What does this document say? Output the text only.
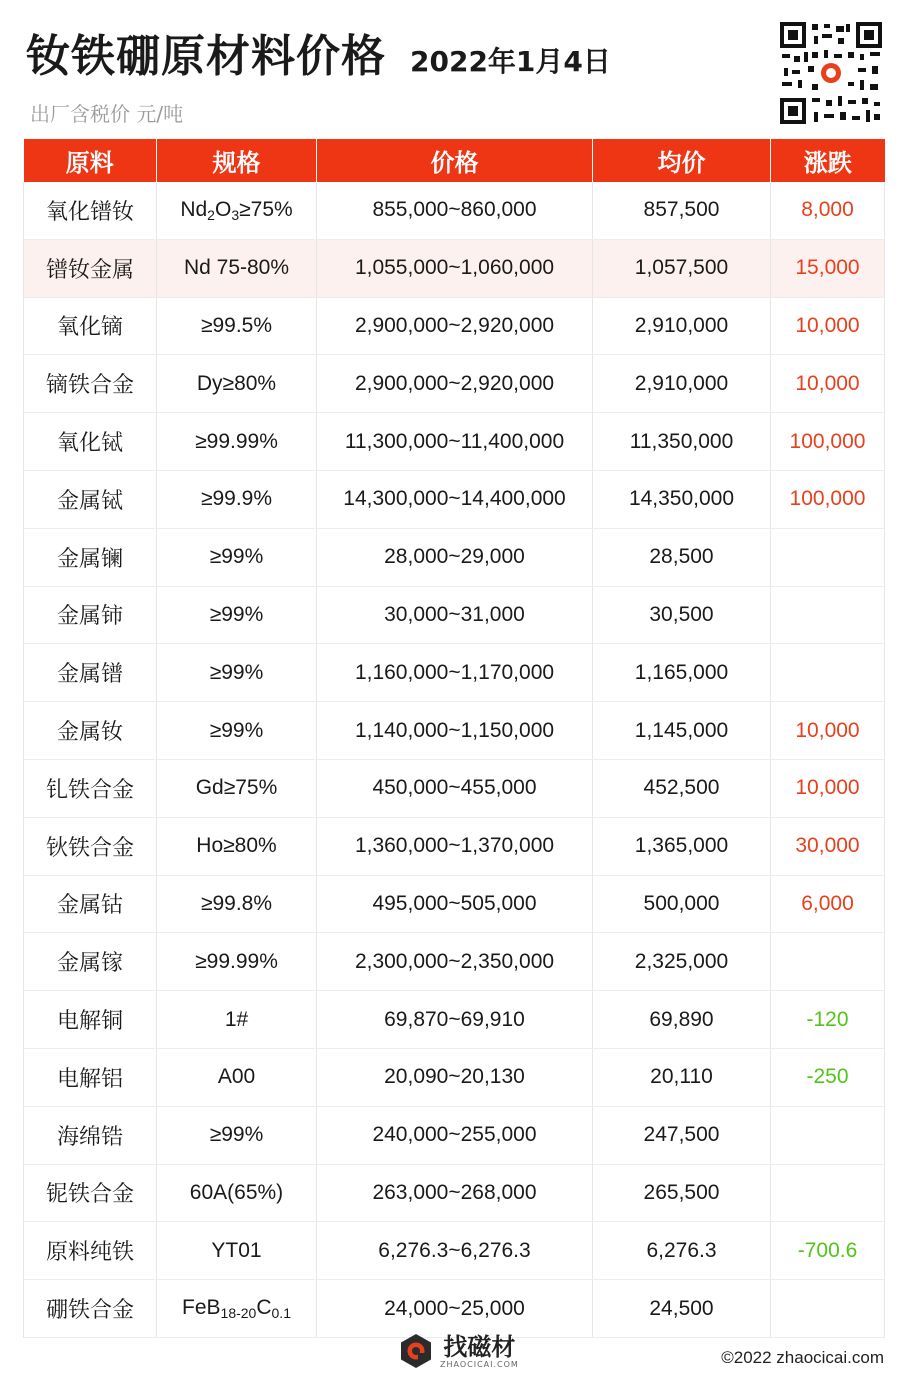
钕铁硼原材料价格 2022年1月4日
出厂含税价 元/吨
原料	规格	价格	均价	涨跌
氧化镨钕	$Nd_2O_3\ge 75\%$	855,000~860,000	857,500	8,000
镨钕金属	Nd 75-80%	1,055,000~1,060,000	1,057,500	15,000
氧化镝	≥99.5%	2,900,000~2,920,000	2,910,000	10,000
镝铁合金	Dy≥80%	2,900,000~2,920,000	2,910,000	10,000
氧化铽	≥99.99%	11,300,000~11,400,000	11,350,000	100,000
金属铽	≥99.9%	14,300,000~14,400,000	14,350,000	100,000
金属镧	≥99%	28,000~29,000	28,500	
金属铈	≥99%	30,000~31,000	30,500	
金属镨	≥99%	1,160,000~1,170,000	1,165,000	
金属钕	≥99%	1,140,000~1,150,000	1,145,000	10,000
钆铁合金	Gd≥75%	450,000~455,000	452,500	10,000
钬铁合金	Ho≥80%	1,360,000~1,370,000	1,365,000	30,000
金属钴	≥99.8%	495,000~505,000	500,000	6,000
金属镓	≥99.99%	2,300,000~2,350,000	2,325,000	
电解铜	1#	69,870~69,910	69,890	-120
电解铝	A00	20,090~20,130	20,110	-250
海绵锆	≥99%	240,000~255,000	247,500	
铌铁合金	60A(65%)	263,000~268,000	265,500	
原料纯铁	YT01	6,276.3~6,276.3	6,276.3	-700.6
硼铁合金	FeB18-20C0.1	24,000~25,000	24,500	
找磁材
ZHAOCICAI.COM	©2022 zhaocicai.com
